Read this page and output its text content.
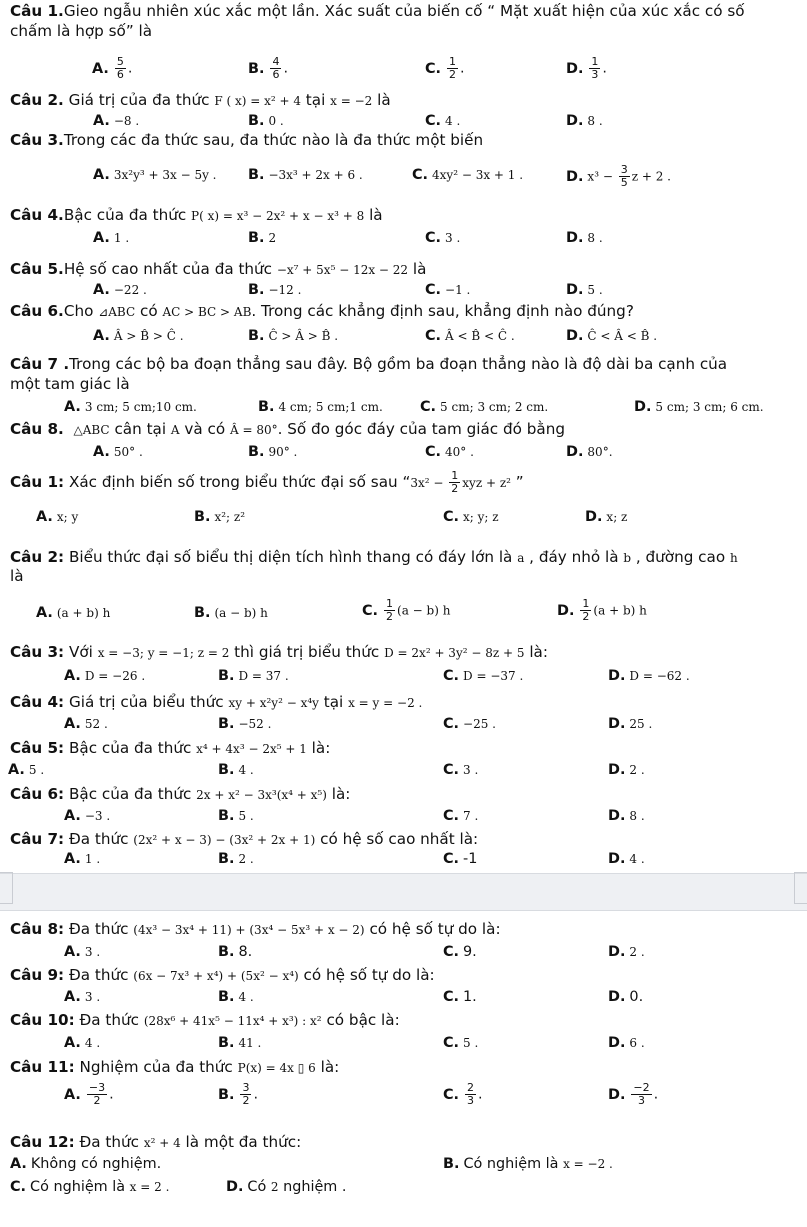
Câu 1.Gieo ngẫu nhiên xúc xắc một lần. Xác suất của biến cố “ Mặt xuất hiện của xúc xắc có số
chấm là hợp số” là
A. $\frac{5}{6}$ .	B. $\frac{4}{6}$ .	C. $\frac{1}{2}$ .	D. $\frac{1}{3}$ .
Câu 2. Giá trị của đa thức F ( x) = x² + 4 tại x = −2 là
A. −8 .	B. 0 .	C. 4 .	D. 8 .
Câu 3.Trong các đa thức sau, đa thức nào là đa thức một biến
A. 3x²y³ + 3x − 5y . B. −3x³ + 2x + 6 .	C. 4xy² − 3x + 1 .	D. $x^3 - \frac{3}{5}$ z + 2 .
Câu 4.Bậc của đa thức P( x) = x³ − 2x² + x − x³ + 8 là
A. 1 .	B. 2	C. 3 .	D. 8 .
Câu 5.Hệ số cao nhất của đa thức −x⁷ + 5x⁵ − 12x − 22 là
A. −22 .	B. −12 .	C. −1 .	D. 5 .
Câu 6.Cho ⊿ABC có AC > BC > AB. Trong các khẳng định sau, khẳng định nào đúng?
A. Â > B̂ > Ĉ .	B. Ĉ > Â > B̂ .	C. Â < B̂ < Ĉ .	D. Ĉ < Â < B̂ .
Câu 7 .Trong các bộ ba đoạn thẳng sau đây. Bộ gồm ba đoạn thẳng nào là độ dài ba cạnh của
một tam giác là
A. 3 cm; 5 cm;10 cm.	B. 4 cm; 5 cm;1 cm.	C. 5 cm; 3 cm; 2 cm.	D. 5 cm; 3 cm; 6 cm.
Câu 8. △ABC cân tại A và có Â = 80°. Số đo góc đáy của tam giác đó bằng
A. 50° .	B. 90° .	C. 40° .	D. 80°.
Câu 1: Xác định biến số trong biểu thức đại số sau “$3x^2 - \frac{1}{2}$ xyz + z² ”
A. x; y	B. x²; z²	C. x; y; z	D. x; z
Câu 2: Biểu thức đại số biểu thị diện tích hình thang có đáy lớn là a , đáy nhỏ là b , đường cao h
là
A. (a + b) h	B. (a − b) h	C. $\frac{1}{2} (a - b)$ h	D. $\frac{1}{2} (a + b)$ h
Câu 3: Với x = −3; y = −1; z = 2 thì giá trị biểu thức D = 2x² + 3y² − 8z + 5 là:
A. D = −26 .	B. D = 37 .	C. D = −37 .	D. D = −62 .
Câu 4: Giá trị của biểu thức xy + x²y² − x⁴y tại x = y = −2 .
A. 52 .	B. −52 .	C. −25 .	D. 25 .
Câu 5: Bậc của đa thức x⁴ + 4x³ − 2x⁵ + 1 là:
A. 5 .	B. 4 .	C. 3 .	D. 2 .
Câu 6: Bậc của đa thức 2x + x² − 3x³(x⁴ + x⁵) là:
A. −3 .	B. 5 .	C. 7 .	D. 8 .
Câu 7: Đa thức (2x² + x − 3) − (3x² + 2x + 1) có hệ số cao nhất là:
A. 1 .	B. 2 .	C. -1	D. 4 .
Câu 8: Đa thức (4x³ − 3x⁴ + 11) + (3x⁴ − 5x³ + x − 2) có hệ số tự do là:
A. 3 .	B. 8.	C. 9.	D. 2 .
Câu 9: Đa thức (6x − 7x³ + x⁴) + (5x² − x⁴) có hệ số tự do là:
A. 3 .	B. 4 .	C. 1.	D. 0.
Câu 10: Đa thức (28x⁶ + 41x⁵ − 11x⁴ + x³) : x² có bậc là:
A. 4 .	B. 41 .	C. 5 .	D. 6 .
Câu 11: Nghiệm của đa thức P(x) = 4x ▯ 6 là:
A. $\frac{-3}{2}$ .	B. $\frac{3}{2}$ .	C. $\frac{2}{3}$ .	D. $\frac{-2}{3}$ .
Câu 12: Đa thức x² + 4 là một đa thức:
A. Không có nghiệm.	B. Có nghiệm là x = −2 .
C. Có nghiệm là x = 2 .	D. Có 2 nghiệm .
